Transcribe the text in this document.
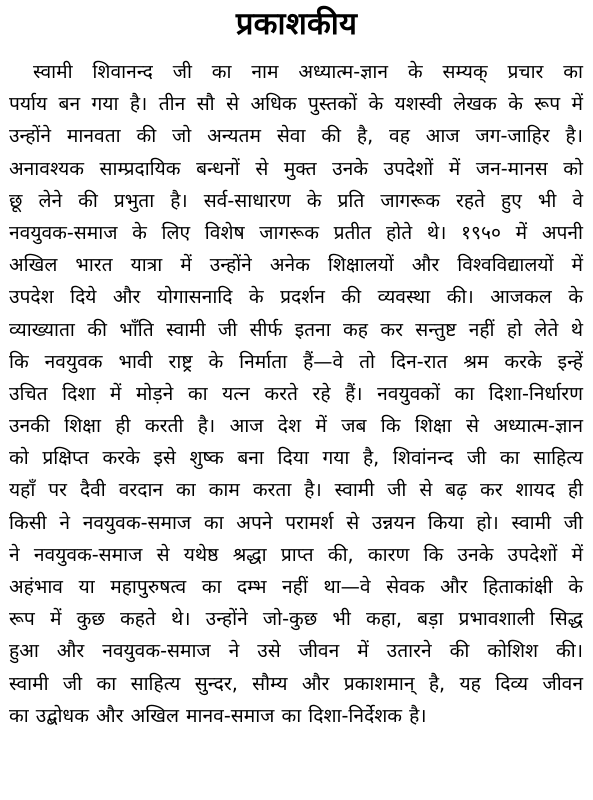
प्रकाशकीय
स्वामी शिवानन्द जी का नाम अध्यात्म-ज्ञान के सम्यक् प्रचार का
पर्याय बन गया है। तीन सौ से अधिक पुस्तकों के यशस्वी लेखक के रूप में
उन्होंने मानवता की जो अन्यतम सेवा की है, वह आज जग-जाहिर है।
अनावश्यक साम्प्रदायिक बन्धनों से मुक्त उनके उपदेशों में जन-मानस को
छू लेने की प्रभुता है। सर्व-साधारण के प्रति जागरूक रहते हुए भी वे
नवयुवक-समाज के लिए विशेष जागरूक प्रतीत होते थे। १९५० में अपनी
अखिल भारत यात्रा में उन्होंने अनेक शिक्षालयों और विश्वविद्यालयों में
उपदेश दिये और योगासनादि के प्रदर्शन की व्यवस्था की। आजकल के
व्याख्याता की भाँति स्वामी जी सीर्फ इतना कह कर सन्तुष्ट नहीं हो लेते थे
कि नवयुवक भावी राष्ट्र के निर्माता हैं—वे तो दिन-रात श्रम करके इन्हें
उचित दिशा में मोड़ने का यत्न करते रहे हैं। नवयुवकों का दिशा-निर्धारण
उनकी शिक्षा ही करती है। आज देश में जब कि शिक्षा से अध्यात्म-ज्ञान
को प्रक्षिप्त करके इसे शुष्क बना दिया गया है, शिवांनन्द जी का साहित्य
यहाँ पर दैवी वरदान का काम करता है। स्वामी जी से बढ़ कर शायद ही
किसी ने नवयुवक-समाज का अपने परामर्श से उन्नयन किया हो। स्वामी जी
ने नवयुवक-समाज से यथेष्ठ श्रद्धा प्राप्त की, कारण कि उनके उपदेशों में
अहंभाव या महापुरुषत्व का दम्भ नहीं था—वे सेवक और हिताकांक्षी के
रूप में कुछ कहते थे। उन्होंने जो-कुछ भी कहा, बड़ा प्रभावशाली सिद्ध
हुआ और नवयुवक-समाज ने उसे जीवन में उतारने की कोशिश की।
स्वामी जी का साहित्य सुन्दर, सौम्य और प्रकाशमान् है, यह दिव्य जीवन
का उद्बोधक और अखिल मानव-समाज का दिशा-निर्देशक है।
